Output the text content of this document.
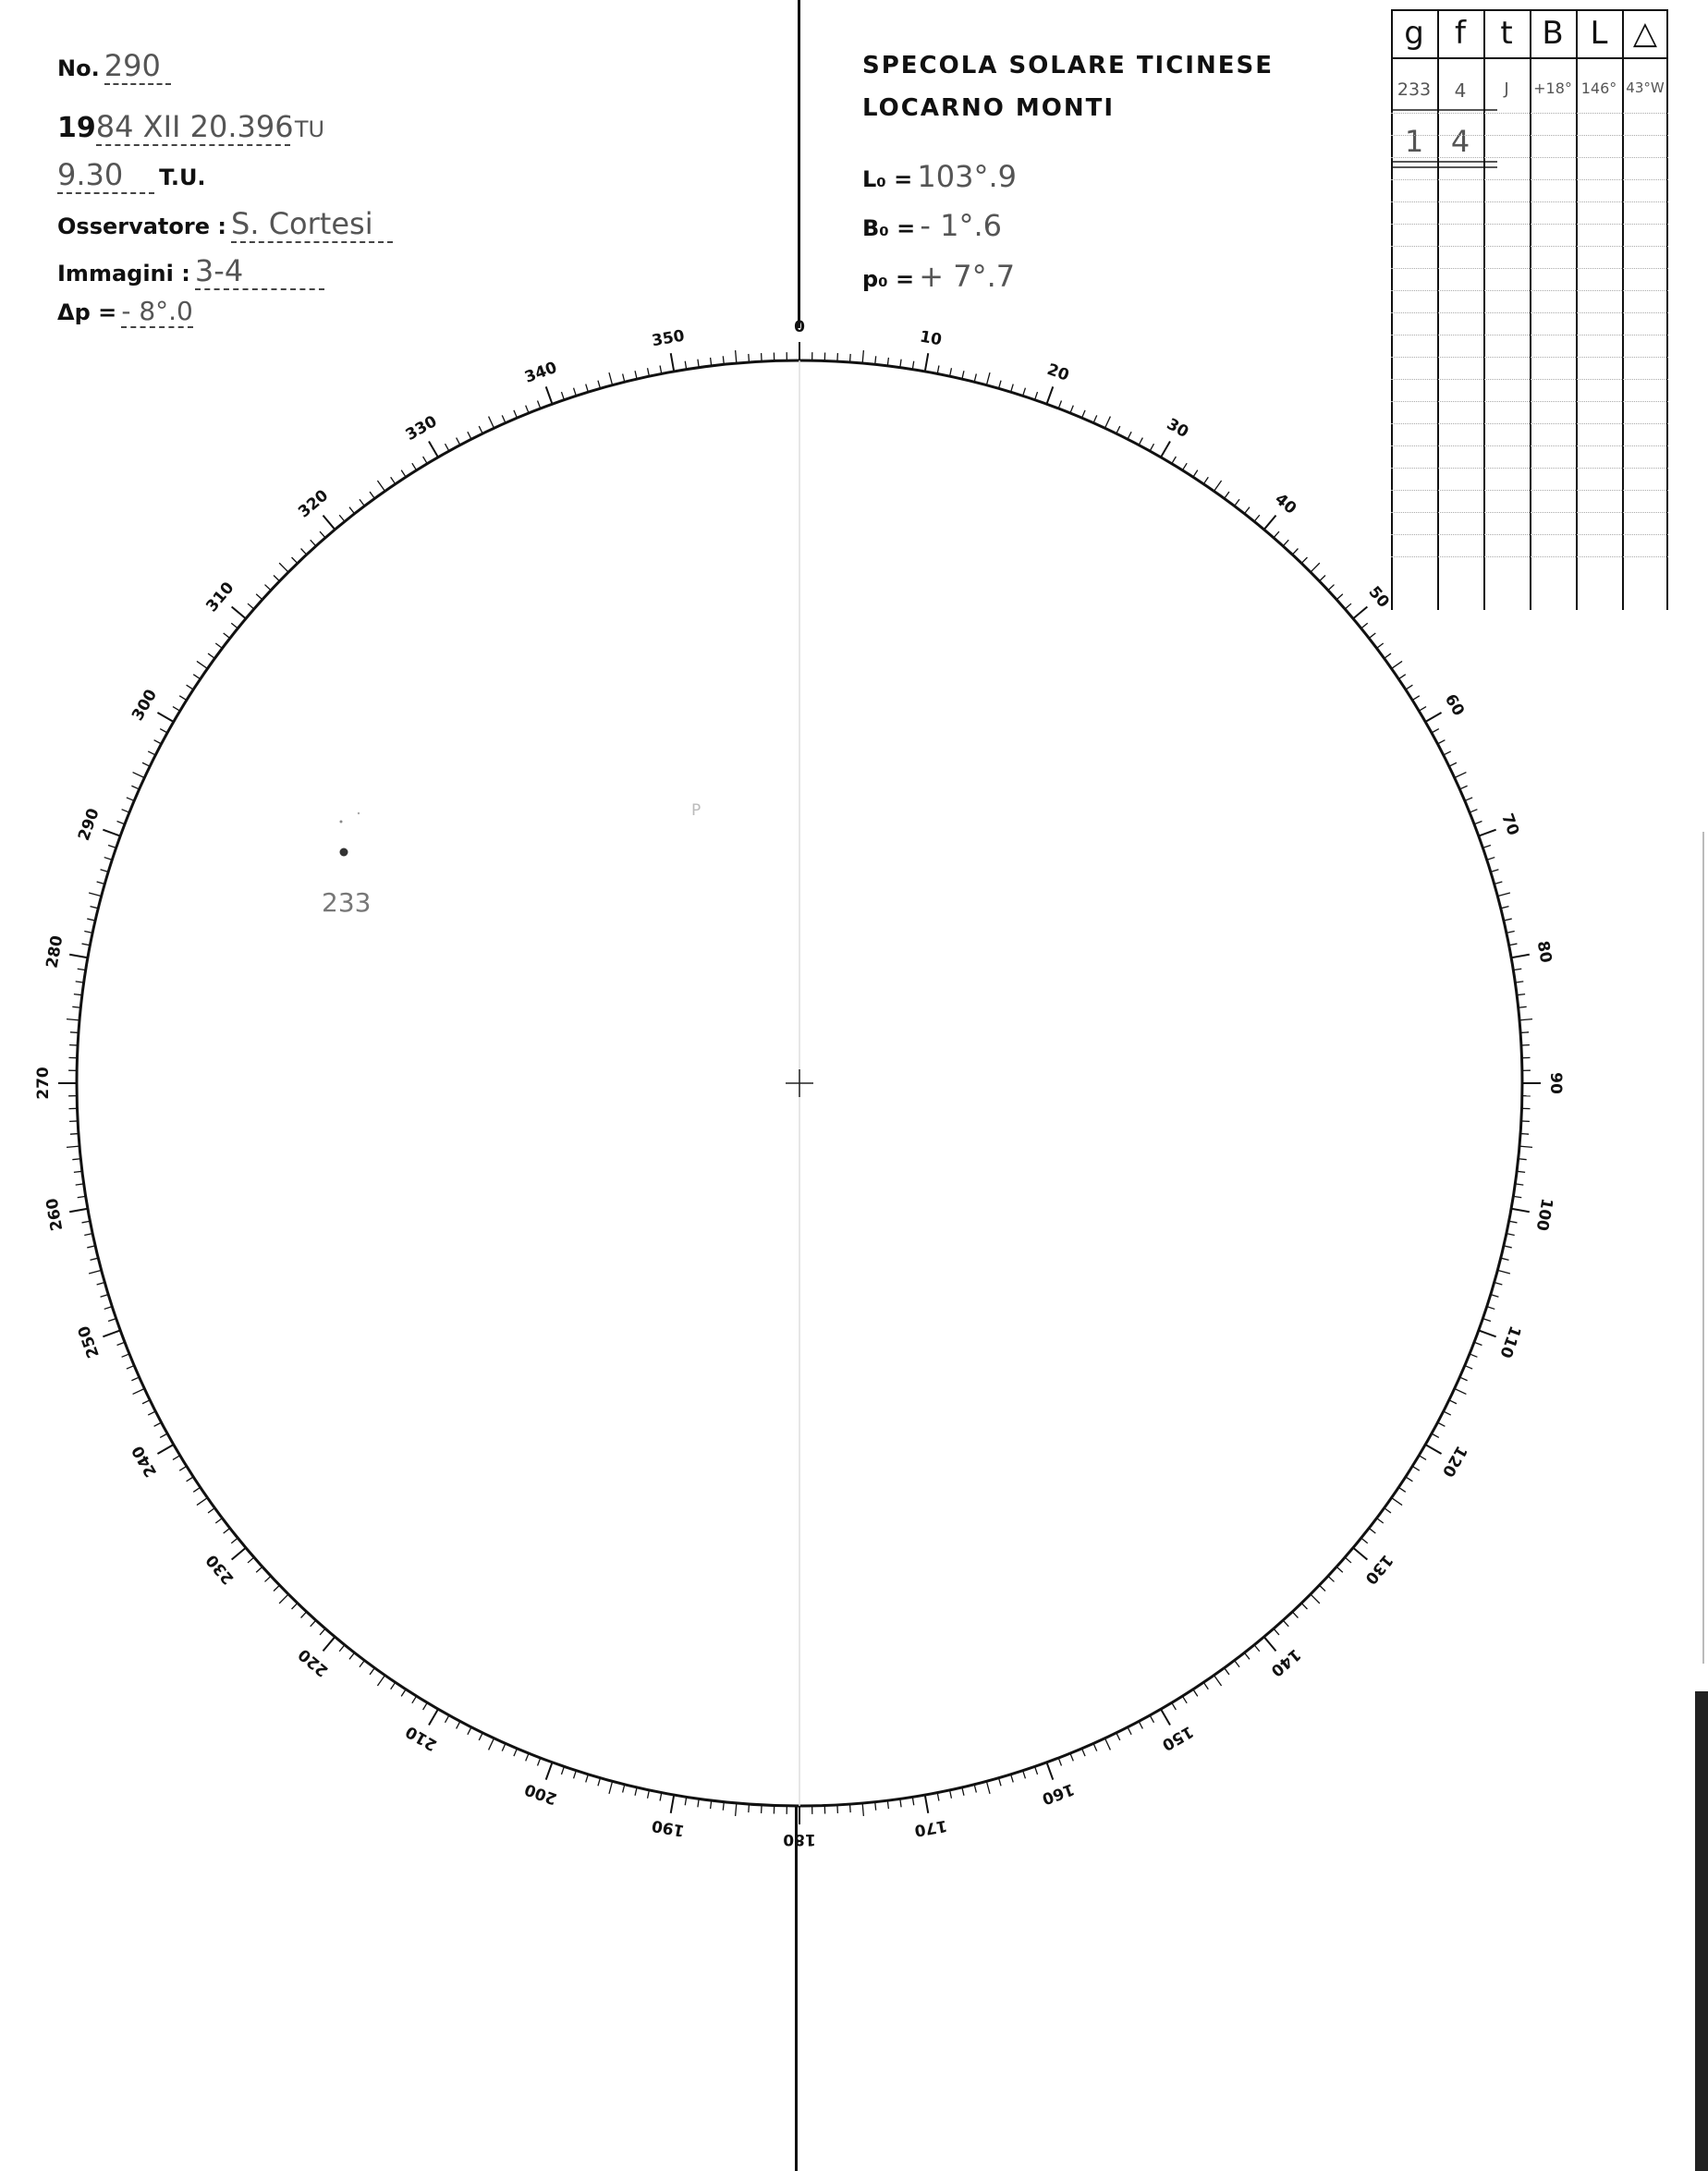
No. 290
1984 XII 20.396 TU
9.30 T.U.
Osservatore : S. Cortesi
Immagini : 3-4
Δp = - 8°.0
SPECOLA SOLARE TICINESE
LOCARNO MONTI
L₀ = 103°.9
B₀ = - 1°.6
p₀ = + 7°.7
g f	t B L △
233	4	J	+18° 146° 43°W
1 4
0
10
20
30
40
50
60
70
80
90
100
110
120
130
140
150
160
170
180
190
200
210
220
230
240
250
260
270
280
290
300
310
320
330
340
350
P
233
